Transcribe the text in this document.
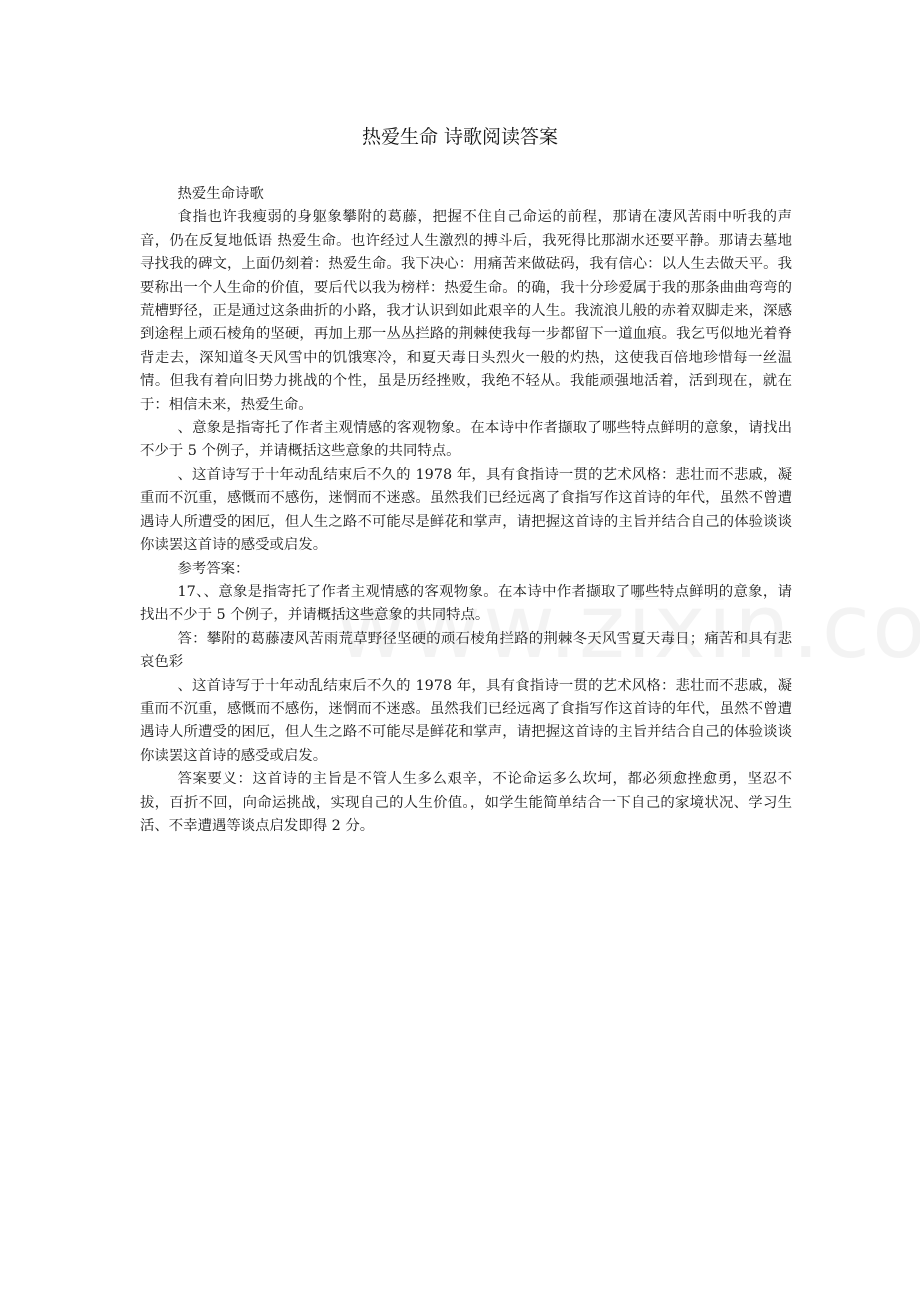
热爱生命 诗歌阅读答案

热爱生命诗歌

食指也许我瘦弱的身躯象攀附的葛藤，把握不住自己命运的前程，那请在凄风苦雨中听我的声音，仍在反复地低语 热爱生命。也许经过人生激烈的搏斗后，我死得比那湖水还要平静。那请去墓地寻找我的碑文，上面仍刻着：热爱生命。我下决心：用痛苦来做砝码，我有信心：以人生去做天平。我要称出一个人生命的价值，要后代以我为榜样：热爱生命。的确，我十分珍爱属于我的那条曲曲弯弯的荒槽野径，正是通过这条曲折的小路，我才认识到如此艰辛的人生。我流浪儿般的赤着双脚走来，深感到途程上顽石棱角的坚硬，再加上那一丛丛拦路的荆棘使我每一步都留下一道血痕。我乞丐似地光着脊背走去，深知道冬天风雪中的饥饿寒冷，和夏天毒日头烈火一般的灼热，这使我百倍地珍惜每一丝温情。但我有着向旧势力挑战的个性，虽是历经挫败，我绝不轻从。我能顽强地活着，活到现在，就在于：相信未来，热爱生命。

、意象是指寄托了作者主观情感的客观物象。在本诗中作者撷取了哪些特点鲜明的意象，请找出不少于 5 个例子，并请概括这些意象的共同特点。

、这首诗写于十年动乱结束后不久的 1978 年，具有食指诗一贯的艺术风格：悲壮而不悲戚，凝重而不沉重，感慨而不感伤，迷惘而不迷惑。虽然我们已经远离了食指写作这首诗的年代，虽然不曾遭遇诗人所遭受的困厄，但人生之路不可能尽是鲜花和掌声，请把握这首诗的主旨并结合自己的体验谈谈你读罢这首诗的感受或启发。

参考答案：

17、、意象是指寄托了作者主观情感的客观物象。在本诗中作者撷取了哪些特点鲜明的意象，请找出不少于 5 个例子，并请概括这些意象的共同特点。

答：攀附的葛藤凄风苦雨荒草野径坚硬的顽石棱角拦路的荆棘冬天风雪夏天毒日；痛苦和具有悲哀色彩

、这首诗写于十年动乱结束后不久的 1978 年，具有食指诗一贯的艺术风格：悲壮而不悲戚，凝重而不沉重，感慨而不感伤，迷惘而不迷惑。虽然我们已经远离了食指写作这首诗的年代，虽然不曾遭遇诗人所遭受的困厄，但人生之路不可能尽是鲜花和掌声，请把握这首诗的主旨并结合自己的体验谈谈你读罢这首诗的感受或启发。

答案要义：这首诗的主旨是不管人生多么艰辛，不论命运多么坎坷，都必须愈挫愈勇，坚忍不拔，百折不回，向命运挑战，实现自己的人生价值。，如学生能简单结合一下自己的家境状况、学习生活、不幸遭遇等谈点启发即得 2 分。
